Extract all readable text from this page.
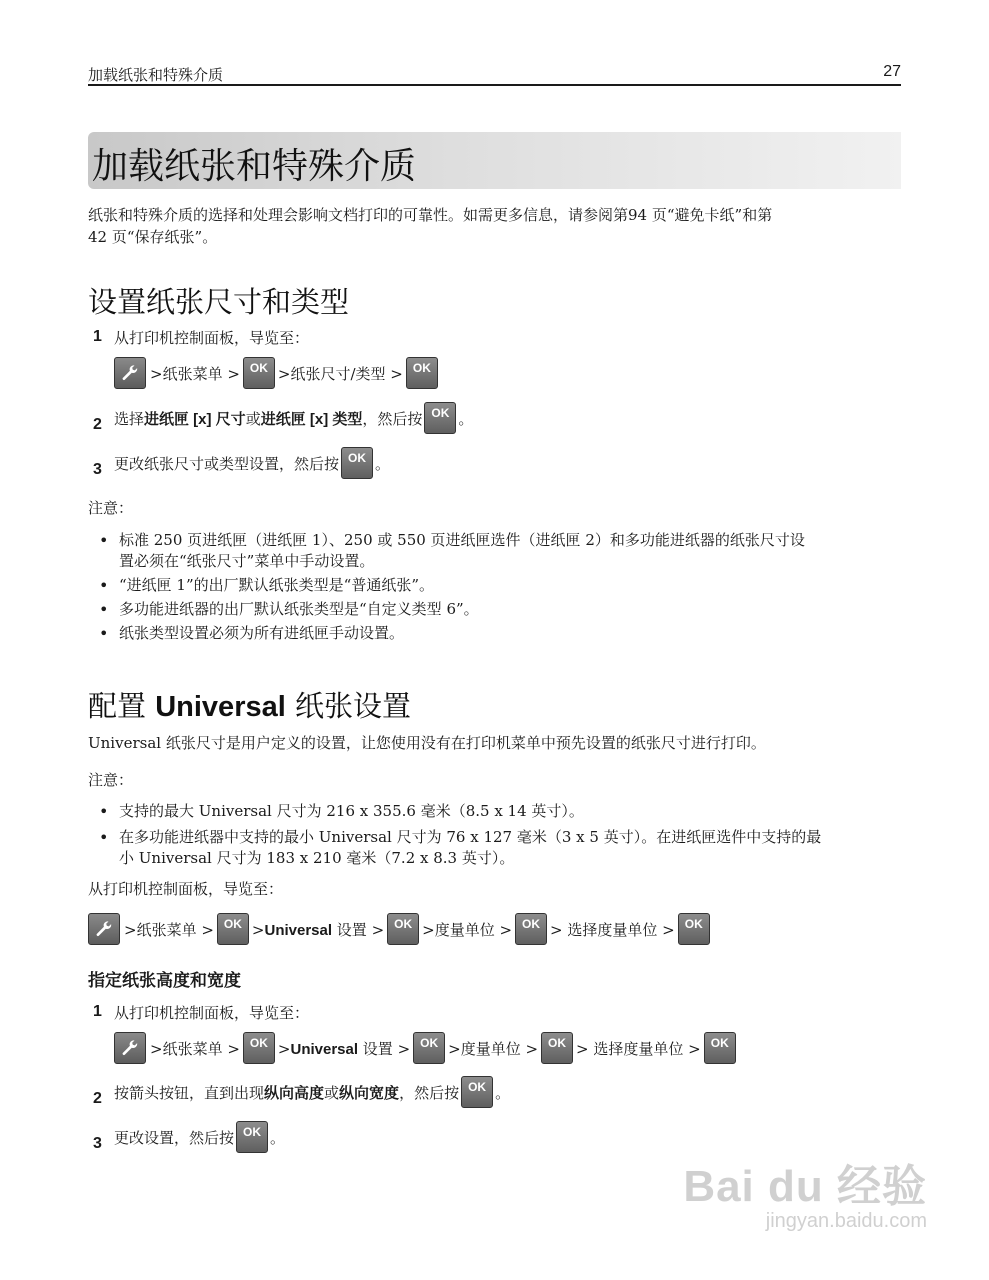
加载纸张和特殊介质	27
加载纸张和特殊介质
纸张和特殊介质的选择和处理会影响文档打印的可靠性。如需更多信息，请参阅第94 页“避免卡纸”和第
42 页“保存纸张”。
设置纸张尺寸和类型
1 从打印机控制面板，导览至：
>纸张菜单 > OK >纸张尺寸/类型 > OK
2 选择 进纸匣 [x] 尺寸 或 进纸匣 [x] 类型 ，然后按 OK 。
3 更改纸张尺寸或类型设置，然后按 OK 。
注意：
• 标准 250 页进纸匣（进纸匣 1）、250 或 550 页进纸匣选件（进纸匣 2）和多功能进纸器的纸张尺寸设
置必须在“纸张尺寸”菜单中手动设置。
• “进纸匣 1”的出厂默认纸张类型是“普通纸张”。
• 多功能进纸器的出厂默认纸张类型是“自定义类型 6”。
• 纸张类型设置必须为所有进纸匣手动设置。
配置 Universal 纸张设置
Universal 纸张尺寸是用户定义的设置，让您使用没有在打印机菜单中预先设置的纸张尺寸进行打印。
注意：
• 支持的最大 Universal 尺寸为 216 x 355.6 毫米（8.5 x 14 英寸）。
• 在多功能进纸器中支持的最小 Universal 尺寸为 76 x 127 毫米（3 x 5 英寸）。在进纸匣选件中支持的最
小 Universal 尺寸为 183 x 210 毫米（7.2 x 8.3 英寸）。
从打印机控制面板，导览至：
>纸张菜单 > OK >Universal 设置 > OK >度量单位 > OK > 选择度量单位 > OK
指定纸张高度和宽度
1 从打印机控制面板，导览至：
>纸张菜单 > OK >Universal 设置 > OK >度量单位 > OK > 选择度量单位 > OK
2 按箭头按钮，直到出现 纵向高度 或 纵向宽度 ，然后按 OK 。
3 更改设置，然后按 OK 。
Bai du 经验
jingyan.baidu.com
